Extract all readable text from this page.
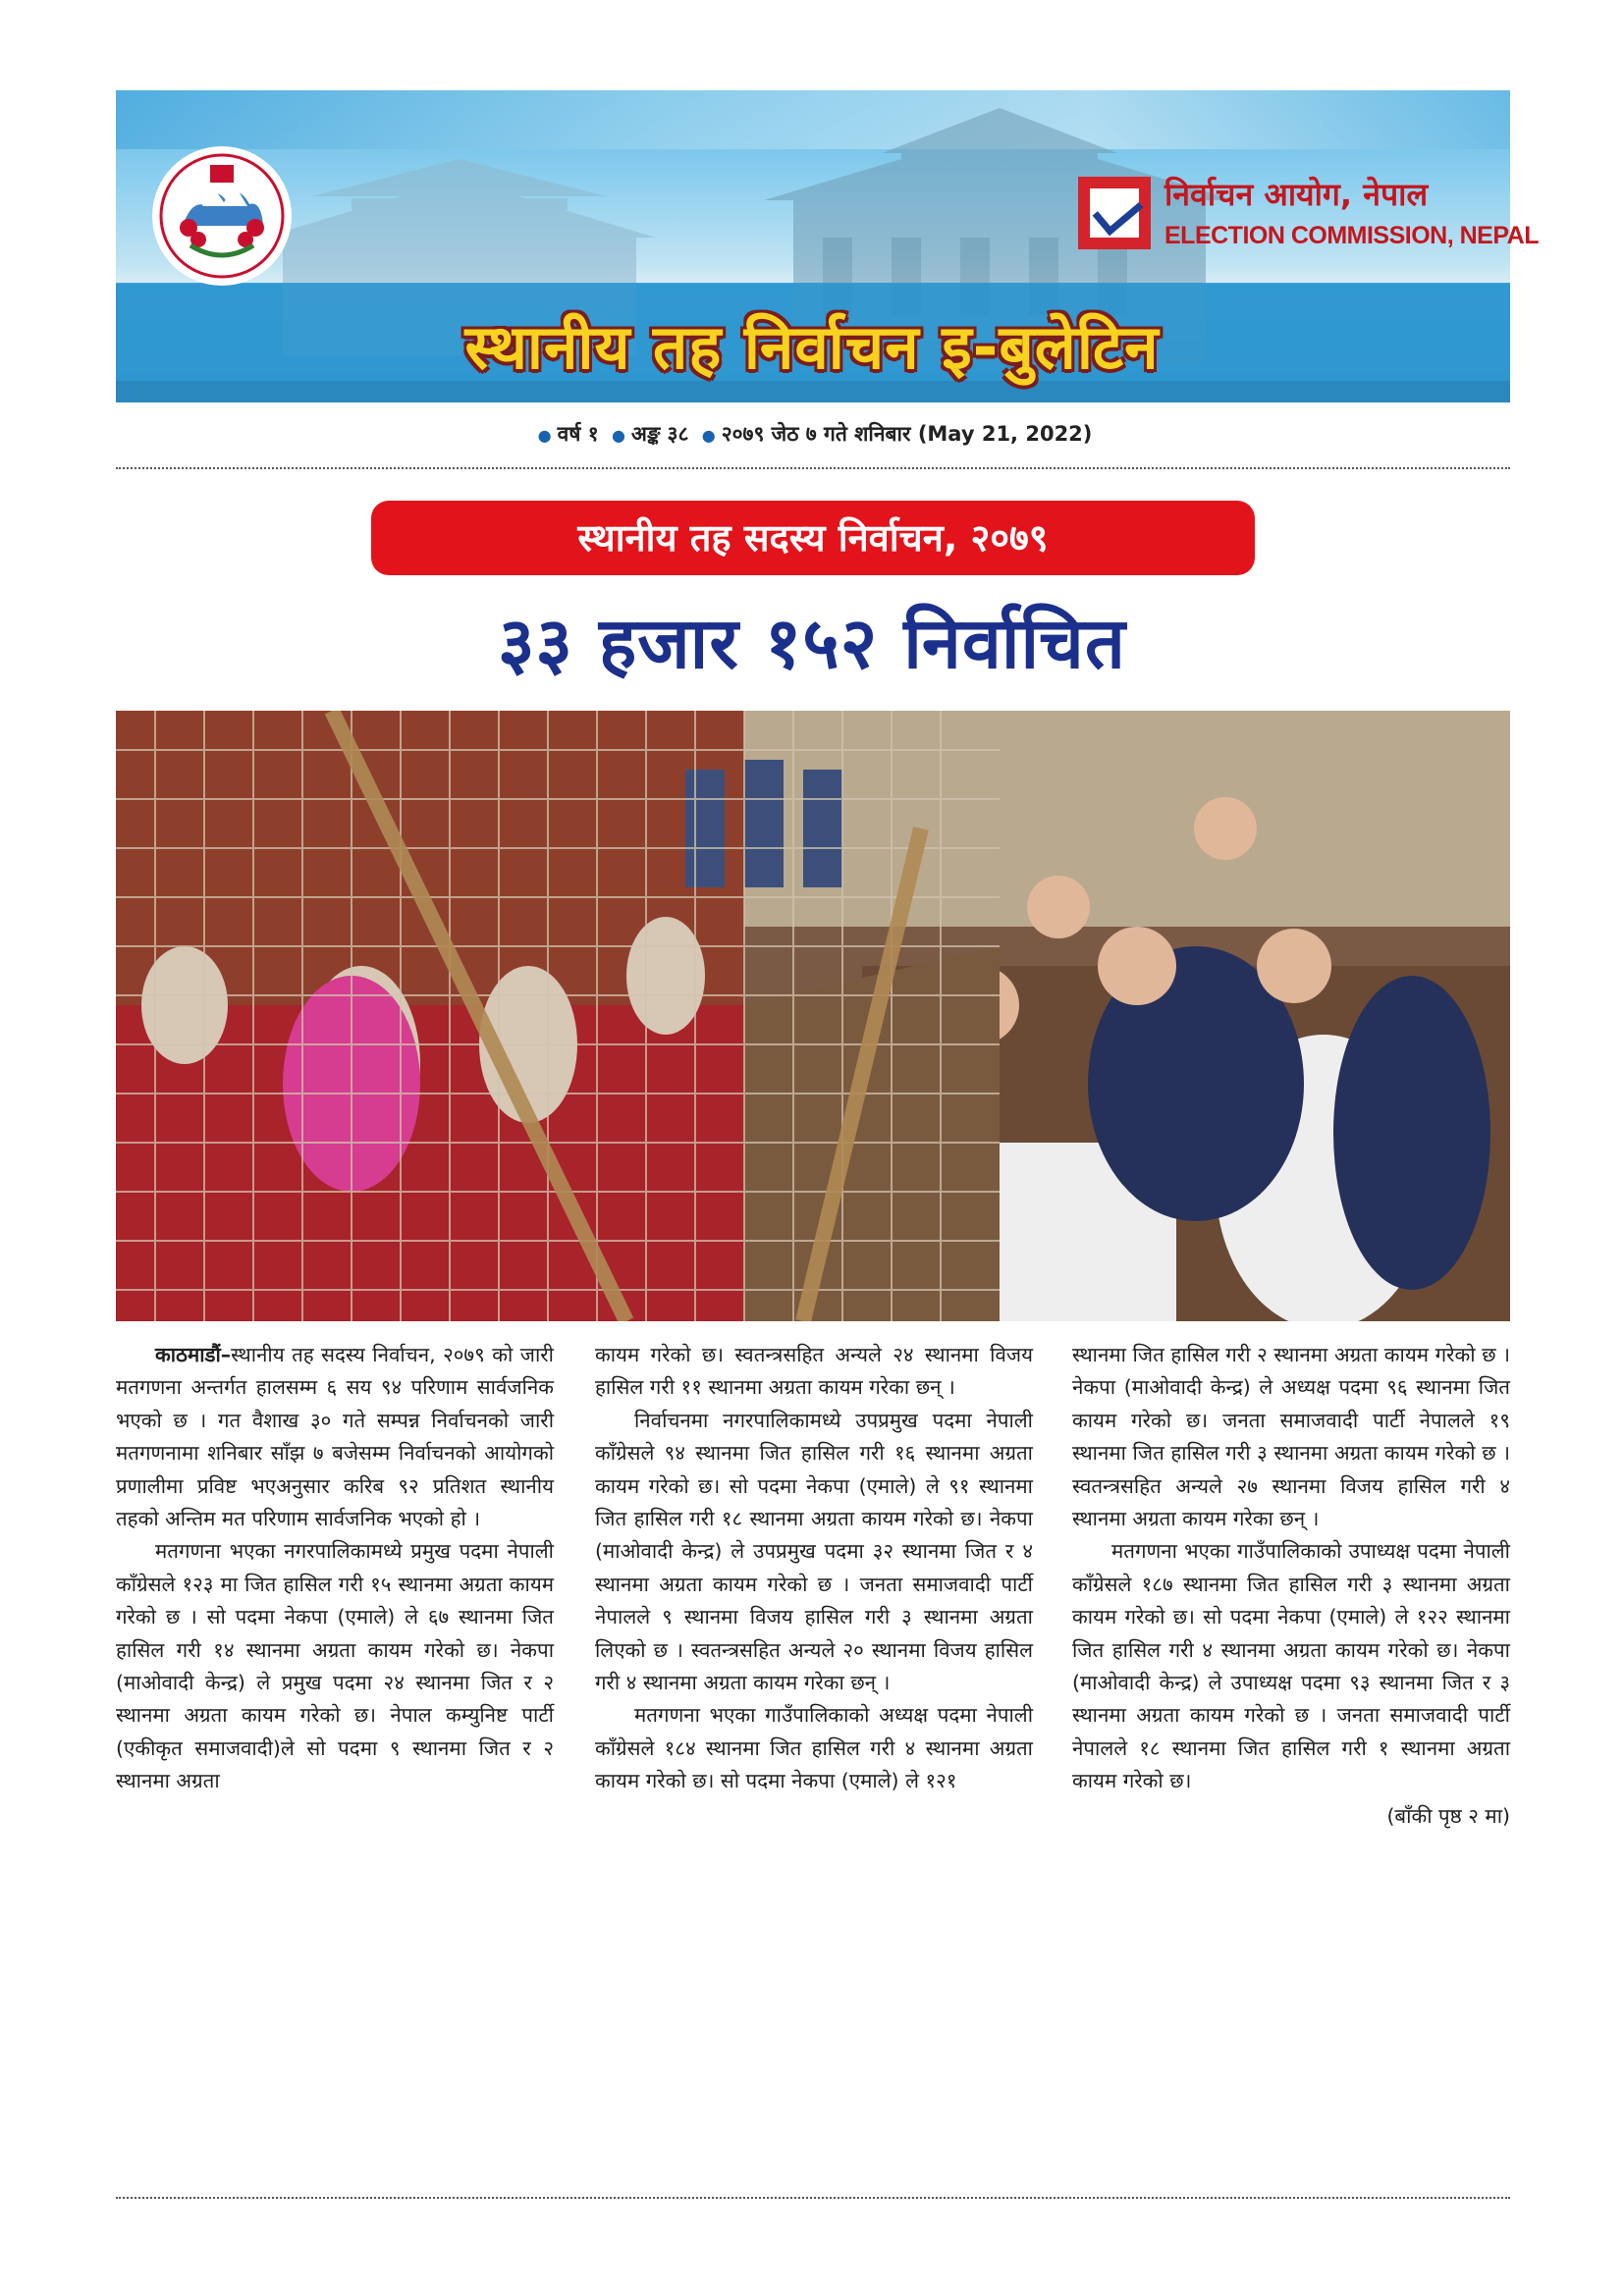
निर्वाचन आयोग, नेपाल
ELECTION COMMISSION, NEPAL
स्थानीय तह निर्वाचन इ-बुलेटिन
● वर्ष १ ● अङ्क ३८ ● २०७९ जेठ ७ गते शनिबार (May 21, 2022)
स्थानीय तह सदस्य निर्वाचन, २०७९
३३ हजार १५२ निर्वाचित

काठमाडौं–स्थानीय तह सदस्य निर्वाचन, २०७९ को जारी मतगणना अन्तर्गत हालसम्म ६ सय ९४ परिणाम सार्वजनिक भएको छ । गत वैशाख ३० गते सम्पन्न निर्वाचनको जारी मतगणनामा शनिबार साँझ ७ बजेसम्म निर्वाचनको आयोगको प्रणालीमा प्रविष्ट भएअनुसार करिब ९२ प्रतिशत स्थानीय तहको अन्तिम मत परिणाम सार्वजनिक भएको हो ।

मतगणना भएका नगरपालिकामध्ये प्रमुख पदमा नेपाली काँग्रेसले १२३ मा जित हासिल गरी १५ स्थानमा अग्रता कायम गरेको छ । सो पदमा नेकपा (एमाले) ले ६७ स्थानमा जित हासिल गरी १४ स्थानमा अग्रता कायम गरेको छ। नेकपा (माओवादी केन्द्र) ले प्रमुख पदमा २४ स्थानमा जित र २ स्थानमा अग्रता कायम गरेको छ। नेपाल कम्युनिष्ट पार्टी (एकीकृत समाजवादी)ले सो पदमा ९ स्थानमा जित र २ स्थानमा अग्रता

कायम गरेको छ। स्वतन्त्रसहित अन्यले २४ स्थानमा विजय हासिल गरी ११ स्थानमा अग्रता कायम गरेका छन् ।

निर्वाचनमा नगरपालिकामध्ये उपप्रमुख पदमा नेपाली काँग्रेसले ९४ स्थानमा जित हासिल गरी १६ स्थानमा अग्रता कायम गरेको छ। सो पदमा नेकपा (एमाले) ले ९१ स्थानमा जित हासिल गरी १८ स्थानमा अग्रता कायम गरेको छ। नेकपा (माओवादी केन्द्र) ले उपप्रमुख पदमा ३२ स्थानमा जित र ४ स्थानमा अग्रता कायम गरेको छ । जनता समाजवादी पार्टी नेपालले ९ स्थानमा विजय हासिल गरी ३ स्थानमा अग्रता लिएको छ । स्वतन्त्रसहित अन्यले २० स्थानमा विजय हासिल गरी ४ स्थानमा अग्रता कायम गरेका छन् ।

मतगणना भएका गाउँपालिकाको अध्यक्ष पदमा नेपाली काँग्रेसले १८४ स्थानमा जित हासिल गरी ४ स्थानमा अग्रता कायम गरेको छ। सो पदमा नेकपा (एमाले) ले १२१

स्थानमा जित हासिल गरी २ स्थानमा अग्रता कायम गरेको छ । नेकपा (माओवादी केन्द्र) ले अध्यक्ष पदमा ९६ स्थानमा जित कायम गरेको छ। जनता समाजवादी पार्टी नेपालले १९ स्थानमा जित हासिल गरी ३ स्थानमा अग्रता कायम गरेको छ । स्वतन्त्रसहित अन्यले २७ स्थानमा विजय हासिल गरी ४ स्थानमा अग्रता कायम गरेका छन् ।

मतगणना भएका गाउँपालिकाको उपाध्यक्ष पदमा नेपाली काँग्रेसले १८७ स्थानमा जित हासिल गरी ३ स्थानमा अग्रता कायम गरेको छ। सो पदमा नेकपा (एमाले) ले १२२ स्थानमा जित हासिल गरी ४ स्थानमा अग्रता कायम गरेको छ। नेकपा (माओवादी केन्द्र) ले उपाध्यक्ष पदमा ९३ स्थानमा जित र ३ स्थानमा अग्रता कायम गरेको छ । जनता समाजवादी पार्टी नेपालले १८ स्थानमा जित हासिल गरी १ स्थानमा अग्रता कायम गरेको छ।

(बाँकी पृष्ठ २ मा)
